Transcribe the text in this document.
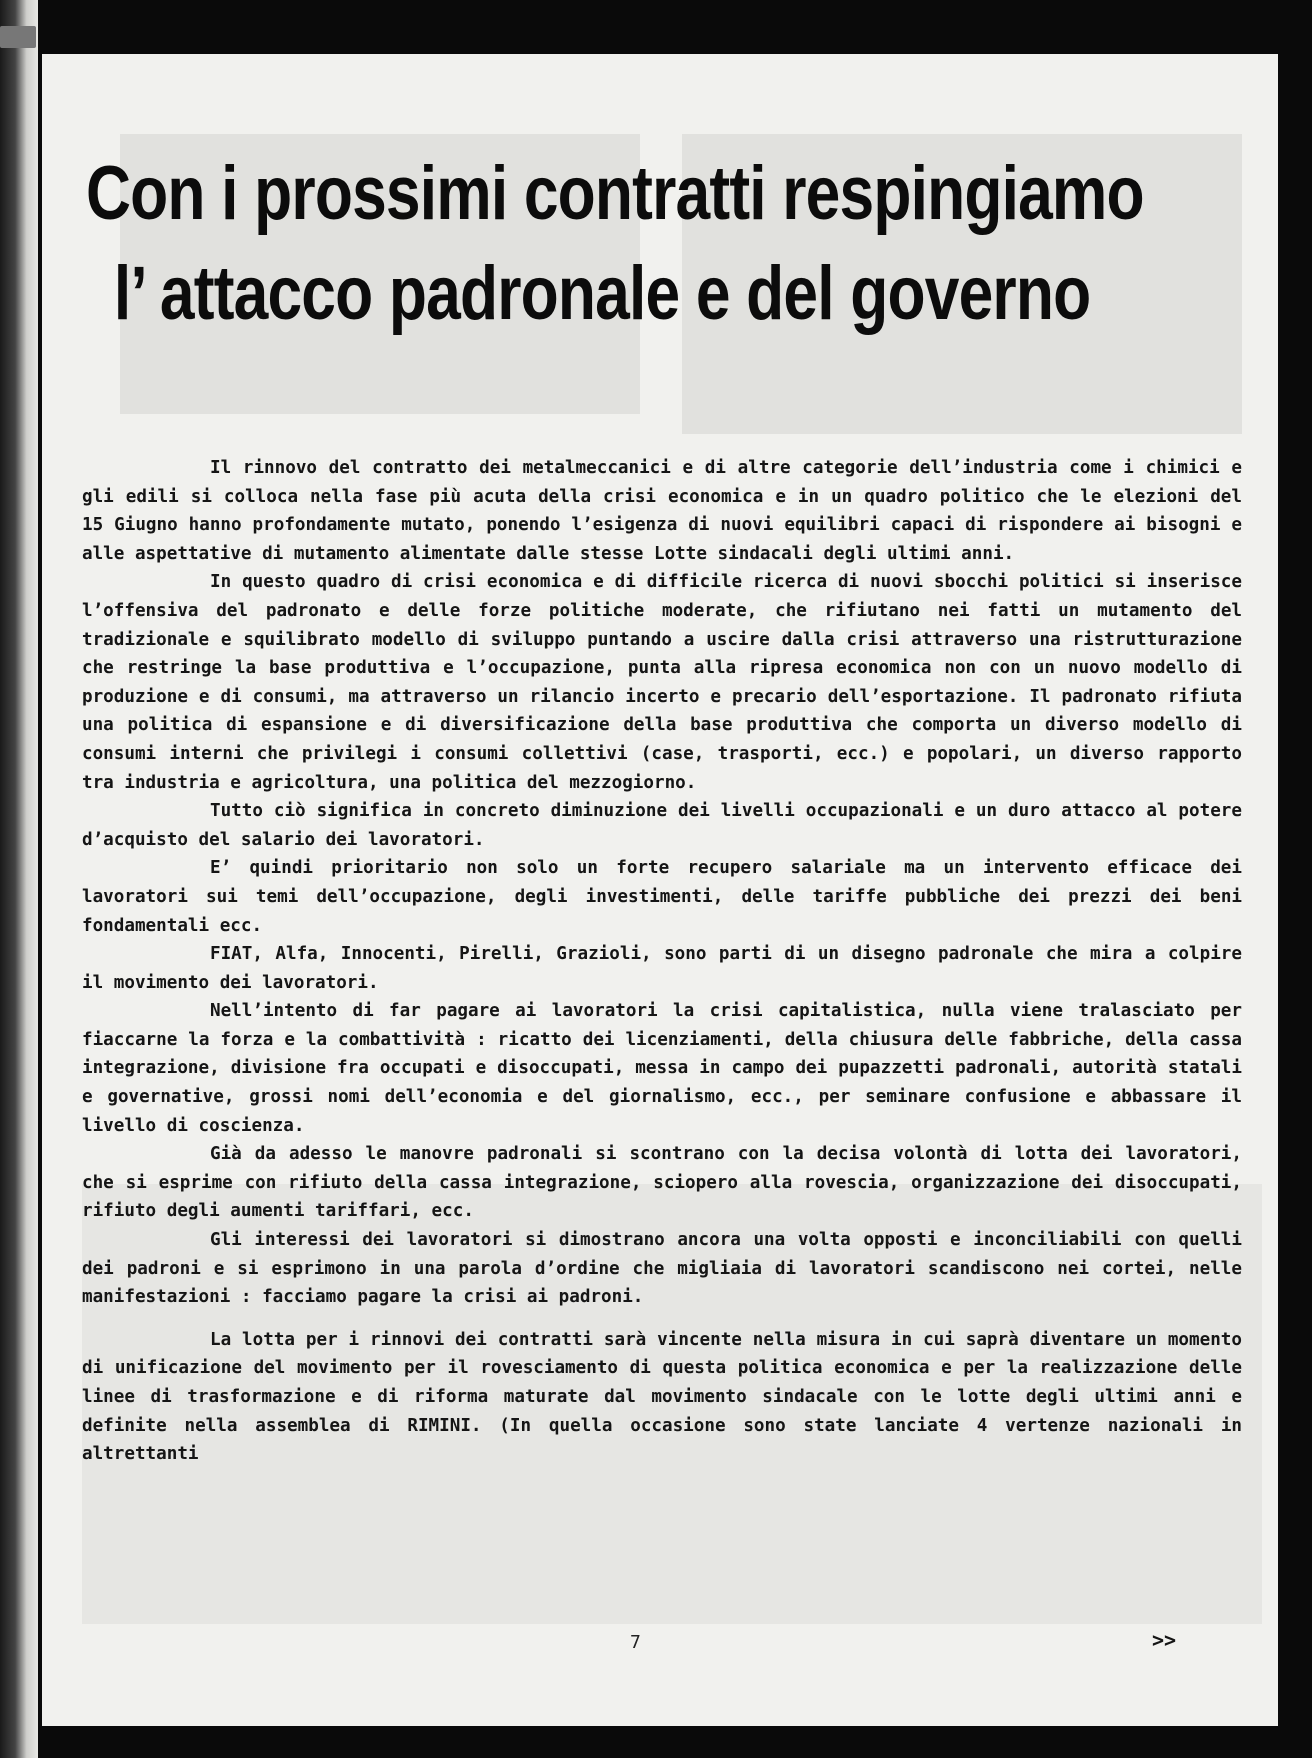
Con i prossimi contratti respingiamo
l’ attacco padronale e del governo

Il rinnovo del contratto dei metalmeccanici e di altre categorie dell’industria come i chimici e gli edili si colloca nella fase più acuta della crisi economica e in un quadro politico che le elezioni del 15 Giugno hanno profondamente mutato, ponendo l’esigenza di nuovi equilibri capaci di rispondere ai bisogni e alle aspettative di mutamento alimentate dalle stesse Lotte sindacali degli ultimi anni.

In questo quadro di crisi economica e di difficile ricerca di nuovi sbocchi politici si inserisce l’offensiva del padronato e delle forze politiche moderate, che rifiutano nei fatti un mutamento del tradizionale e squilibrato modello di sviluppo puntando a uscire dalla crisi attraverso una ristrutturazione che restringe la base produttiva e l’occupazione, punta alla ripresa economica non con un nuovo modello di produzione e di consumi, ma attraverso un rilancio incerto e precario dell’esportazione. Il padronato rifiuta una politica di espansione e di diversificazione della base produttiva che comporta un diverso modello di consumi interni che privilegi i consumi collettivi (case, trasporti, ecc.) e popolari, un diverso rapporto tra industria e agricoltura, una politica del mezzogiorno.

Tutto ciò significa in concreto diminuzione dei livelli occupazionali e un duro attacco al potere d’acquisto del salario dei lavoratori.

E’ quindi prioritario non solo un forte recupero salariale ma un intervento efficace dei lavoratori sui temi dell’occupazione, degli investimenti, delle tariffe pubbliche dei prezzi dei beni fondamentali ecc.

FIAT, Alfa, Innocenti, Pirelli, Grazioli, sono parti di un disegno padronale che mira a colpire il movimento dei lavoratori.

Nell’intento di far pagare ai lavoratori la crisi capitalistica, nulla viene tralasciato per fiaccarne la forza e la combattività : ricatto dei licenziamenti, della chiusura delle fabbriche, della cassa integrazione, divisione fra occupati e disoccupati, messa in campo dei pupazzetti padronali, autorità statali e governative, grossi nomi dell’economia e del giornalismo, ecc., per seminare confusione e abbassare il livello di coscienza.

Già da adesso le manovre padronali si scontrano con la decisa volontà di lotta dei lavoratori, che si esprime con rifiuto della cassa integrazione, sciopero alla rovescia, organizzazione dei disoccupati, rifiuto degli aumenti tariffari, ecc.

Gli interessi dei lavoratori si dimostrano ancora una volta opposti e inconciliabili con quelli dei padroni e si esprimono in una parola d’ordine che migliaia di lavoratori scandiscono nei cortei, nelle manifestazioni : facciamo pagare la crisi ai padroni.

La lotta per i rinnovi dei contratti sarà vincente nella misura in cui saprà diventare un momento di unificazione del movimento per il rovesciamento di questa politica economica e per la realizzazione delle linee di trasformazione e di riforma maturate dal movimento sindacale con le lotte degli ultimi anni e definite nella assemblea di RIMINI. (In quella occasione sono state lanciate 4 vertenze nazionali in altrettanti

7	>>
